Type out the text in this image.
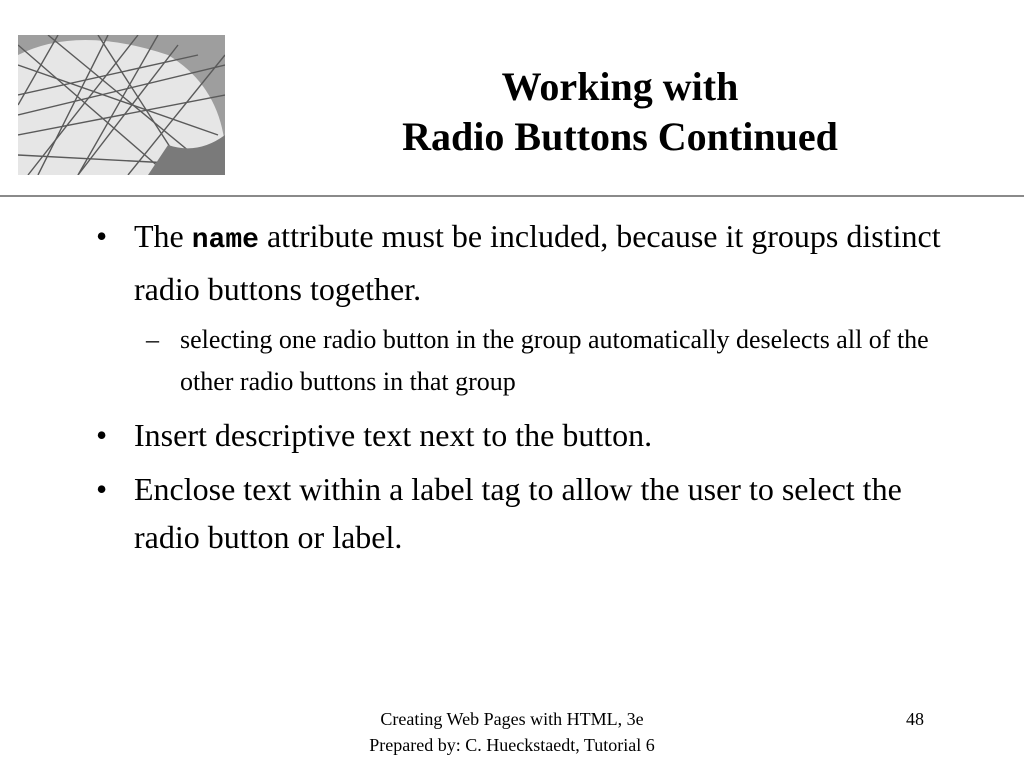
Working with
Radio Buttons Continued
• The name attribute must be included, because it groups distinct radio buttons together.
– selecting one radio button in the group automatically deselects all of the other radio buttons in that group
• Insert descriptive text next to the button.
• Enclose text within a label tag to allow the user to select the radio button or label.
Creating Web Pages with HTML, 3e
Prepared by: C. Hueckstaedt, Tutorial 6
48
